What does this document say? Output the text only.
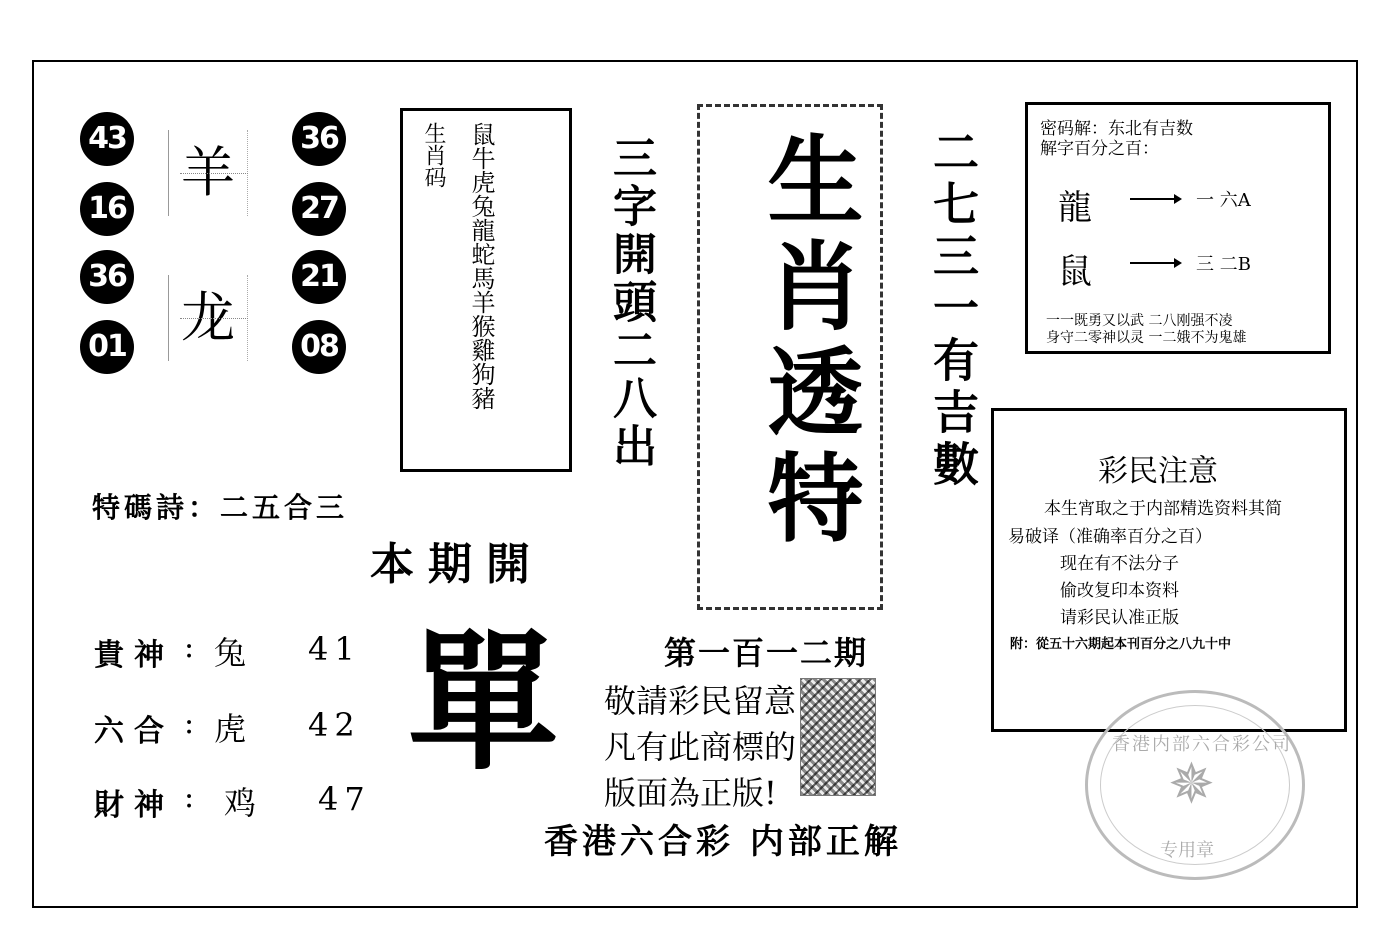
43
16
36
01
羊
龙
36
27
21
08
生肖码 鼠牛虎兔龍蛇馬羊猴雞狗豬	三字開頭二八出 生肖透特 二七三一有吉數	密码解：东北有吉数
解字百分之百：
龍	一 六A
鼠	三 二B
一一既勇又以武 二八刚强不凌
身守二零神以灵 一二娥不为鬼雄
彩民注意
本生宵取之于内部精选资料其简
易破译（准确率百分之百）
现在有不法分子
偷改复印本资料
请彩民认准正版
附：從五十六期起本刊百分之八九十中
特碼詩：二五合三
本期開
單	第一百一二期
敬請彩民留意
凡有此商標的
版面為正版!
香港六合彩 内部正解
貴神 : 兔 41
六合 : 虎 42
財神 : 鸡 47
香港内部六合彩公司
✵
专用章
